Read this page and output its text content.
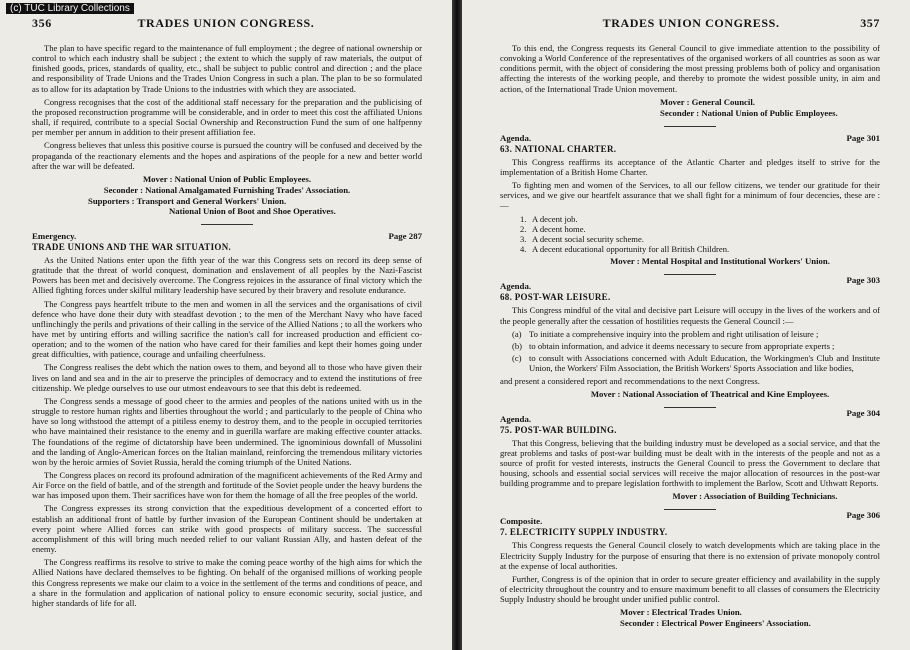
(c) TUC Library Collections
356	TRADES UNION CONGRESS.

The plan to have specific regard to the maintenance of full employment ; the degree of national ownership or control to which each industry shall be subject ; the extent to which the supply of raw materials, the output of finished goods, prices, standards of quality, etc., shall be subject to public control and direction ; and the place and responsibility of Trade Unions and the Trades Union Congress in such a plan. The plan to be so formulated as to allow for its adaptation by Trade Unions to the industries with which they are associated.

Congress recognises that the cost of the additional staff necessary for the preparation and the publicising of the proposed reconstruction programme will be considerable, and in order to meet this cost the affiliated Unions shall, if required, contribute to a special Social Ownership and Reconstruction Fund the sum of one halfpenny per member per annum in addition to their present affiliation fee.

Congress believes that unless this positive course is pursued the country will be confused and deceived by the propaganda of the reactionary elements and the hopes and aspirations of the people for a new and better world after the war will be defeated.

Mover : National Union of Public Employees.
Seconder : National Amalgamated Furnishing Trades' Association.
Supporters : Transport and General Workers' Union.
National Union of Boot and Shoe Operatives.
Emergency.	Page 287
TRADE UNIONS AND THE WAR SITUATION.

As the United Nations enter upon the fifth year of the war this Congress sets on record its deep sense of gratitude that the threat of world conquest, domination and enslavement of all peoples by the Nazi-Fascist Powers has been met and decisively overcome. The Congress rejoices in the assurance of final victory which the Allied fighting forces under skilful military leadership have secured by their bravery and resolute endurance.

The Congress pays heartfelt tribute to the men and women in all the services and the organisations of civil defence who have done their duty with steadfast devotion ; to the men of the Merchant Navy who have faced unflinchingly the perils and privations of their calling in the service of the Allied Nations ; to all the workers who have met by untiring efforts and willing sacrifice the nation's call for increased production and efficient co-operation; and to the women of the nation who have cared for their families and kept their homes going under great difficulties, with patience, courage and unfailing cheerfulness.

The Congress realises the debt which the nation owes to them, and beyond all to those who have given their lives on land and sea and in the air to preserve the principles of democracy and to extend the institutions of free citizenship. We pledge ourselves to use our utmost endeavours to see that this debt is redeemed.

The Congress sends a message of good cheer to the armies and peoples of the nations united with us in the struggle to restore human rights and liberties throughout the world ; and particularly to the people of China who have so long withstood the attempt of a pitiless enemy to destroy them, and to the people in occupied territories who have maintained their resistance to the enemy and in guerilla warfare are making effective counter attacks. The foundations of the regime of dictatorship have been undermined. The ignominious downfall of Mussolini and the landing of Anglo-American forces on the Italian mainland, reinforcing the tremendous military victories won by the heroic armies of Soviet Russia, herald the coming triumph of the United Nations.

The Congress places on record its profound admiration of the magnificent achievements of the Red Army and Air Force on the field of battle, and of the strength and fortitude of the Soviet people under the heavy burdens the war has imposed upon them. Their sacrifices have won for them the homage of all the free peoples of the world.

The Congress expresses its strong conviction that the expeditious development of a concerted effort to establish an additional front of battle by further invasion of the European Continent should be undertaken at every point where Allied forces can strike with good prospects of military success. The successful accomplishment of this will bring much needed relief to our valiant Russian Ally, and hasten defeat of the enemy.

The Congress reaffirms its resolve to strive to make the coming peace worthy of the high aims for which the Allied Nations have declared themselves to be fighting. On behalf of the organised millions of working people this Congress represents we make our claim to a voice in the settlement of the terms and conditions of peace, and a share in the formulation and application of national policy to ensure economic security, social justice, and higher standards of life for all.

TRADES UNION CONGRESS.	357

To this end, the Congress requests its General Council to give immediate attention to the possibility of convoking a World Conference of the representatives of the organised workers of all countries as soon as war conditions permit, with the object of considering the most pressing problems both of policy and organisation affecting the interests of the working people, and thereby to promote the widest possible unity, in aim and action, of the International Trade Union movement.

Mover : General Council.
Seconder : National Union of Public Employees.
Agenda.	Page 301
63. NATIONAL CHARTER.

This Congress reaffirms its acceptance of the Atlantic Charter and pledges itself to strive for the implementation of a British Home Charter.

To fighting men and women of the Services, to all our fellow citizens, we tender our gratitude for their services, and we give our heartfelt assurance that we shall fight for a minimum of four decencies, these are :—

1. A decent job.
2. A decent home.
3. A decent social security scheme.
4. A decent educational opportunity for all British Children.
Mover : Mental Hospital and Institutional Workers' Union.
Agenda.
Page 303
68. POST-WAR LEISURE.

This Congress mindful of the vital and decisive part Leisure will occupy in the lives of the workers and of the people generally after the cessation of hostilities requests the General Council :—

(a) To initiate a comprehensive inquiry into the problem and right utilisation of leisure ;
(b) to obtain information, and advice it deems necessary to secure from appropriate experts ;
(c) to consult with Associations concerned with Adult Education, the Workingmen's Club and Institute Union, the Workers' Film Association, the British Workers' Sports Association and like bodies,

and present a considered report and recommendations to the next Congress.

Mover : National Association of Theatrical and Kine Employees.
Agenda.
Page 304
75. POST-WAR BUILDING.

That this Congress, believing that the building industry must be developed as a social service, and that the great problems and tasks of post-war building must be dealt with in the interests of the people and not as a source of profit for vested interests, instructs the General Council to press the Government to declare that housing, schools and essential social services will receive the major allocation of resources in the post-war building programme and to prepare legislation forthwith to implement the Barlow, Scott and Uthwatt Reports.

Mover : Association of Building Technicians.
Composite.
Page 306
7. ELECTRICITY SUPPLY INDUSTRY.

This Congress requests the General Council closely to watch developments which are taking place in the Electricity Supply Industry for the purpose of ensuring that there is no extension of private monopoly control at the expense of local authorities.

Further, Congress is of the opinion that in order to secure greater efficiency and availability in the supply of electricity throughout the country and to ensure maximum benefit to all classes of consumers the Electricity Supply Industry should be brought under unified public control.

Mover : Electrical Trades Union.
Seconder : Electrical Power Engineers' Association.
